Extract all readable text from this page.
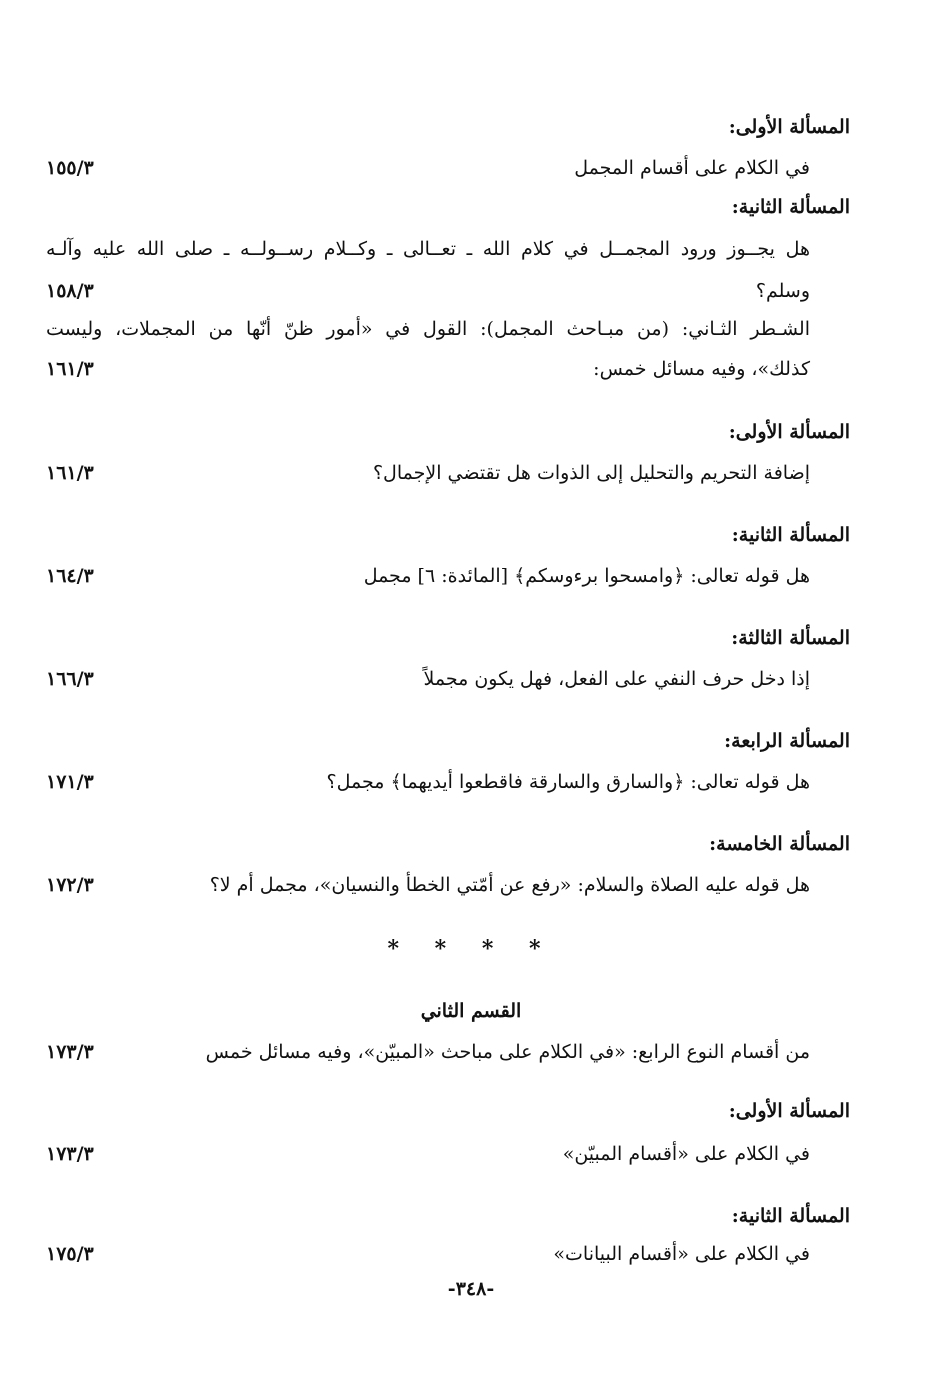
المسألة الأولى:
في الكلام على أقسام المجمل
١٥٥/٣
المسألة الثانية:
هل يجــوز ورود المجمــل في كلام الله ـ تعــالى ـ وكــلام رســولــه ـ صلى الله عليه وآلـه
وسلم؟
١٥٨/٣
الشـطر الثـاني: (من مبـاحث المجمل): القول في «أمور ظنّ أنّها من المجملات، وليست
كذلك»، وفيه مسائل خمس:
١٦١/٣
المسألة الأولى:
إضافة التحريم والتحليل إلى الذوات هل تقتضي الإجمال؟
١٦١/٣
المسألة الثانية:
هل قوله تعالى: ﴿وامسحوا برءوسكم﴾ [المائدة: ٦] مجمل
١٦٤/٣
المسألة الثالثة:
إذا دخل حرف النفي على الفعل، فهل يكون مجملاً
١٦٦/٣
المسألة الرابعة:
هل قوله تعالى: ﴿والسارق والسارقة فاقطعوا أيديهما﴾ مجمل؟
١٧١/٣
المسألة الخامسة:
هل قوله عليه الصلاة والسلام: «رفع عن أمّتي الخطأ والنسيان»، مجمل أم لا؟
١٧٢/٣
* * * *
القسم الثاني
من أقسام النوع الرابع: «في الكلام على مباحث «المبيّن»، وفيه مسائل خمس
١٧٣/٣
المسألة الأولى:
في الكلام على «أقسام المبيّن»
١٧٣/٣
المسألة الثانية:
في الكلام على «أقسام البيانات»
١٧٥/٣
-٣٤٨-
